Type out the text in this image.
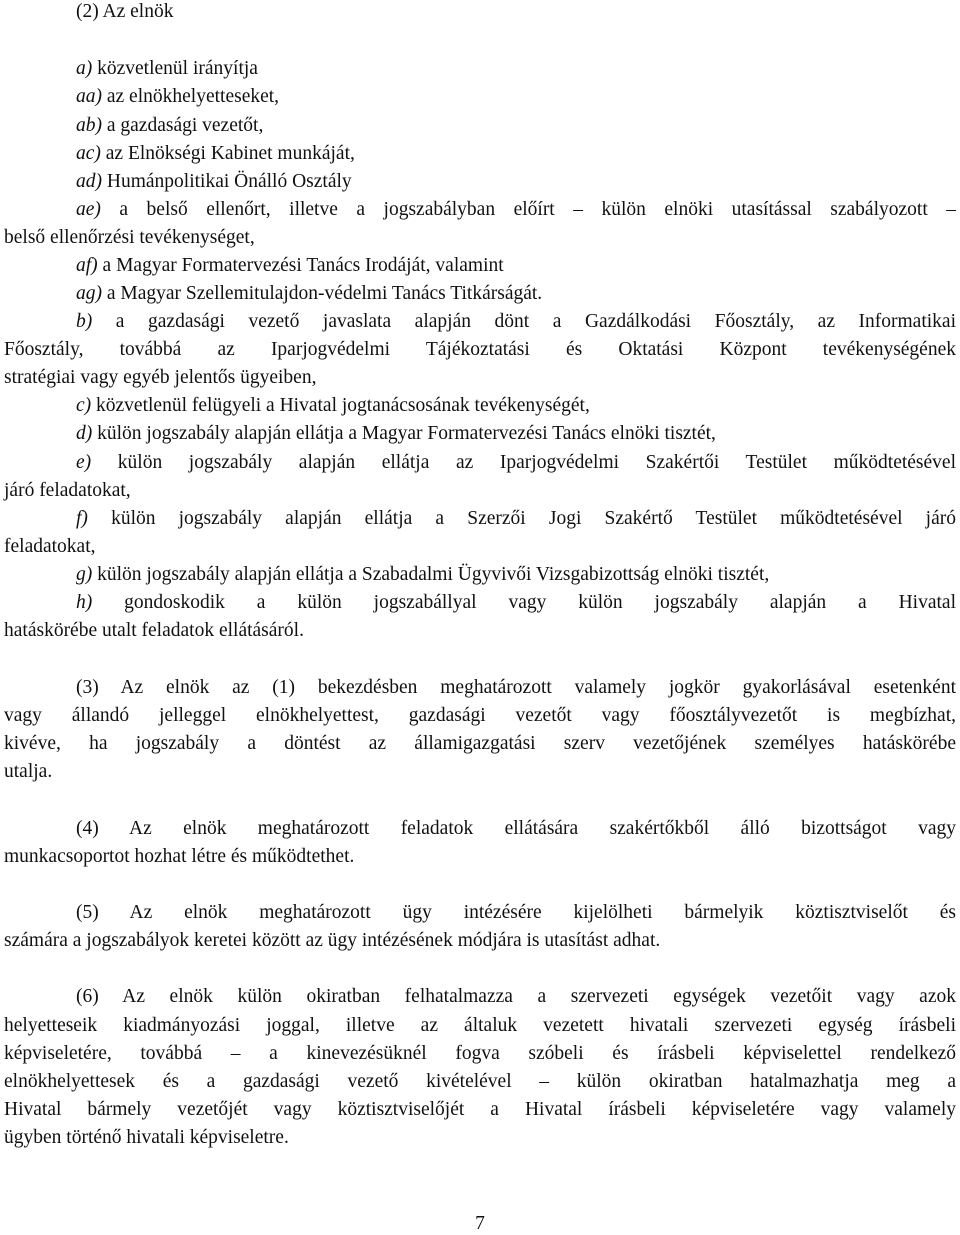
(2) Az elnök
a) közvetlenül irányítja
aa) az elnökhelyetteseket,
ab) a gazdasági vezetőt,
ac) az Elnökségi Kabinet munkáját,
ad) Humánpolitikai Önálló Osztály
ae) a belső ellenőrt, illetve a jogszabályban előírt – külön elnöki utasítással szabályozott –
belső ellenőrzési tevékenységet,
af) a Magyar Formatervezési Tanács Irodáját, valamint
ag) a Magyar Szellemitulajdon-védelmi Tanács Titkárságát.
b) a gazdasági vezető javaslata alapján dönt a Gazdálkodási Főosztály, az Informatikai
Főosztály, továbbá az Iparjogvédelmi Tájékoztatási és Oktatási Központ tevékenységének
stratégiai vagy egyéb jelentős ügyeiben,
c) közvetlenül felügyeli a Hivatal jogtanácsosának tevékenységét,
d) külön jogszabály alapján ellátja a Magyar Formatervezési Tanács elnöki tisztét,
e) külön jogszabály alapján ellátja az Iparjogvédelmi Szakértői Testület működtetésével
járó feladatokat,
f) külön jogszabály alapján ellátja a Szerzői Jogi Szakértő Testület működtetésével járó
feladatokat,
g) külön jogszabály alapján ellátja a Szabadalmi Ügyvivői Vizsgabizottság elnöki tisztét,
h) gondoskodik a külön jogszabállyal vagy külön jogszabály alapján a Hivatal
hatáskörébe utalt feladatok ellátásáról.
(3) Az elnök az (1) bekezdésben meghatározott valamely jogkör gyakorlásával esetenként
vagy állandó jelleggel elnökhelyettest, gazdasági vezetőt vagy főosztályvezetőt is megbízhat,
kivéve, ha jogszabály a döntést az államigazgatási szerv vezetőjének személyes hatáskörébe
utalja.
(4) Az elnök meghatározott feladatok ellátására szakértőkből álló bizottságot vagy
munkacsoportot hozhat létre és működtethet.
(5) Az elnök meghatározott ügy intézésére kijelölheti bármelyik köztisztviselőt és
számára a jogszabályok keretei között az ügy intézésének módjára is utasítást adhat.
(6) Az elnök külön okiratban felhatalmazza a szervezeti egységek vezetőit vagy azok
helyetteseik kiadmányozási joggal, illetve az általuk vezetett hivatali szervezeti egység írásbeli
képviseletére, továbbá – a kinevezésüknél fogva szóbeli és írásbeli képviselettel rendelkező
elnökhelyettesek és a gazdasági vezető kivételével – külön okiratban hatalmazhatja meg a
Hivatal bármely vezetőjét vagy köztisztviselőjét a Hivatal írásbeli képviseletére vagy valamely
ügyben történő hivatali képviseletre.
7
